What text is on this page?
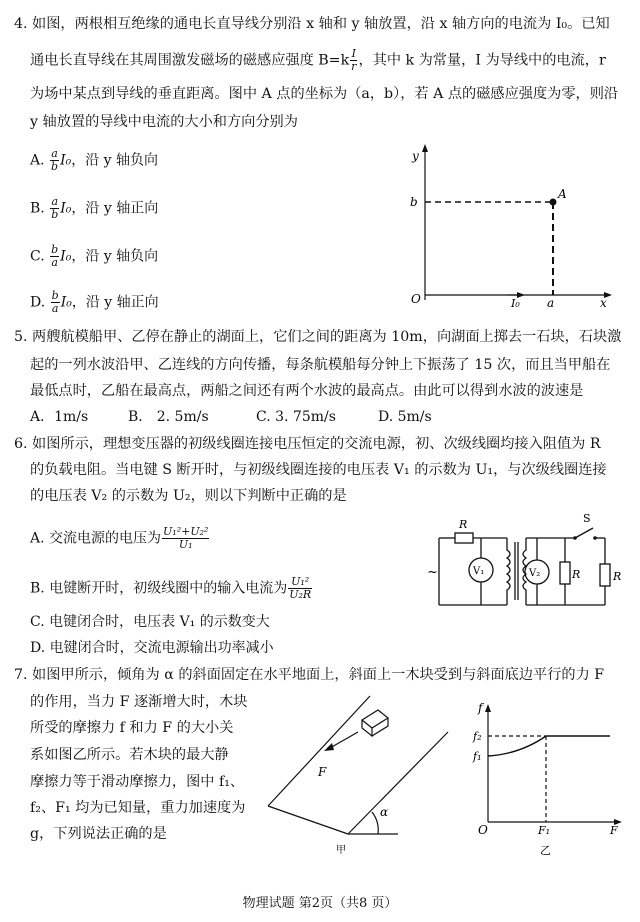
4. 如图，两根相互绝缘的通电长直导线分别沿 x 轴和 y 轴放置，沿 x 轴方向的电流为 I₀。已知
通电长直导线在其周围激发磁场的磁感应强度 $B=k \frac{I}{r}$ ，其中 k 为常量，I 为导线中的电流，r
为场中某点到导线的垂直距离。图中 A 点的坐标为（a，b），若 A 点的磁感应强度为零，则沿
y 轴放置的导线中电流的大小和方向分别为
A. $\frac{a}{b} I_0$，沿 y 轴负向
B. $\frac{a}{b} I_0$，沿 y 轴正向
C. $\frac{b}{a} I_0$，沿 y 轴负向
D. $\frac{b}{a} I_0$，沿 y 轴正向
y
b
A
O	I₀ a	x
5. 两艘航模船甲、乙停在静止的湖面上，它们之间的距离为 10m，向湖面上掷去一石块，石块激
起的一列水波沿甲、乙连线的方向传播，每条航模船每分钟上下振荡了 15 次，而且当甲船在
最低点时，乙船在最高点，两船之间还有两个水波的最高点。由此可以得到水波的波速是
A．1m/s	B． 2. 5m/s	C. 3. 75m/s	D. 5m/s
6. 如图所示，理想变压器的初级线圈连接电压恒定的交流电源，初、次级线圈均接入阻值为 R
的负载电阻。当电键 S 断开时，与初级线圈连接的电压表 V₁ 的示数为 U₁，与次级线圈连接
的电压表 V₂ 的示数为 U₂，则以下判断中正确的是
A. 交流电源的电压为 $\frac{\text{U₁²+U₂²}}{\text{U₁}}$
B. 电键断开时，初级线圈中的输入电流为 $\frac{\text{U₁²}}{\text{U₂R}}$
C. 电键闭合时，电压表 V₁ 的示数变大
D. 电键闭合时，交流电源输出功率减小
R
~	V₁	V₂	R	R
S
7. 如图甲所示，倾角为 α 的斜面固定在水平地面上，斜面上一木块受到与斜面底边平行的力 F
的作用，当力 F 逐渐增大时，木块
所受的摩擦力 f 和力 F 的大小关
系如图乙所示。若木块的最大静
摩擦力等于滑动摩擦力，图中 f₁、
f₂、F₁ 均为已知量，重力加速度为
g，下列说法正确的是
F
α
甲
f
f₂
f₁
O	F₁	F
乙
物理试题 第2页（共8 页）
